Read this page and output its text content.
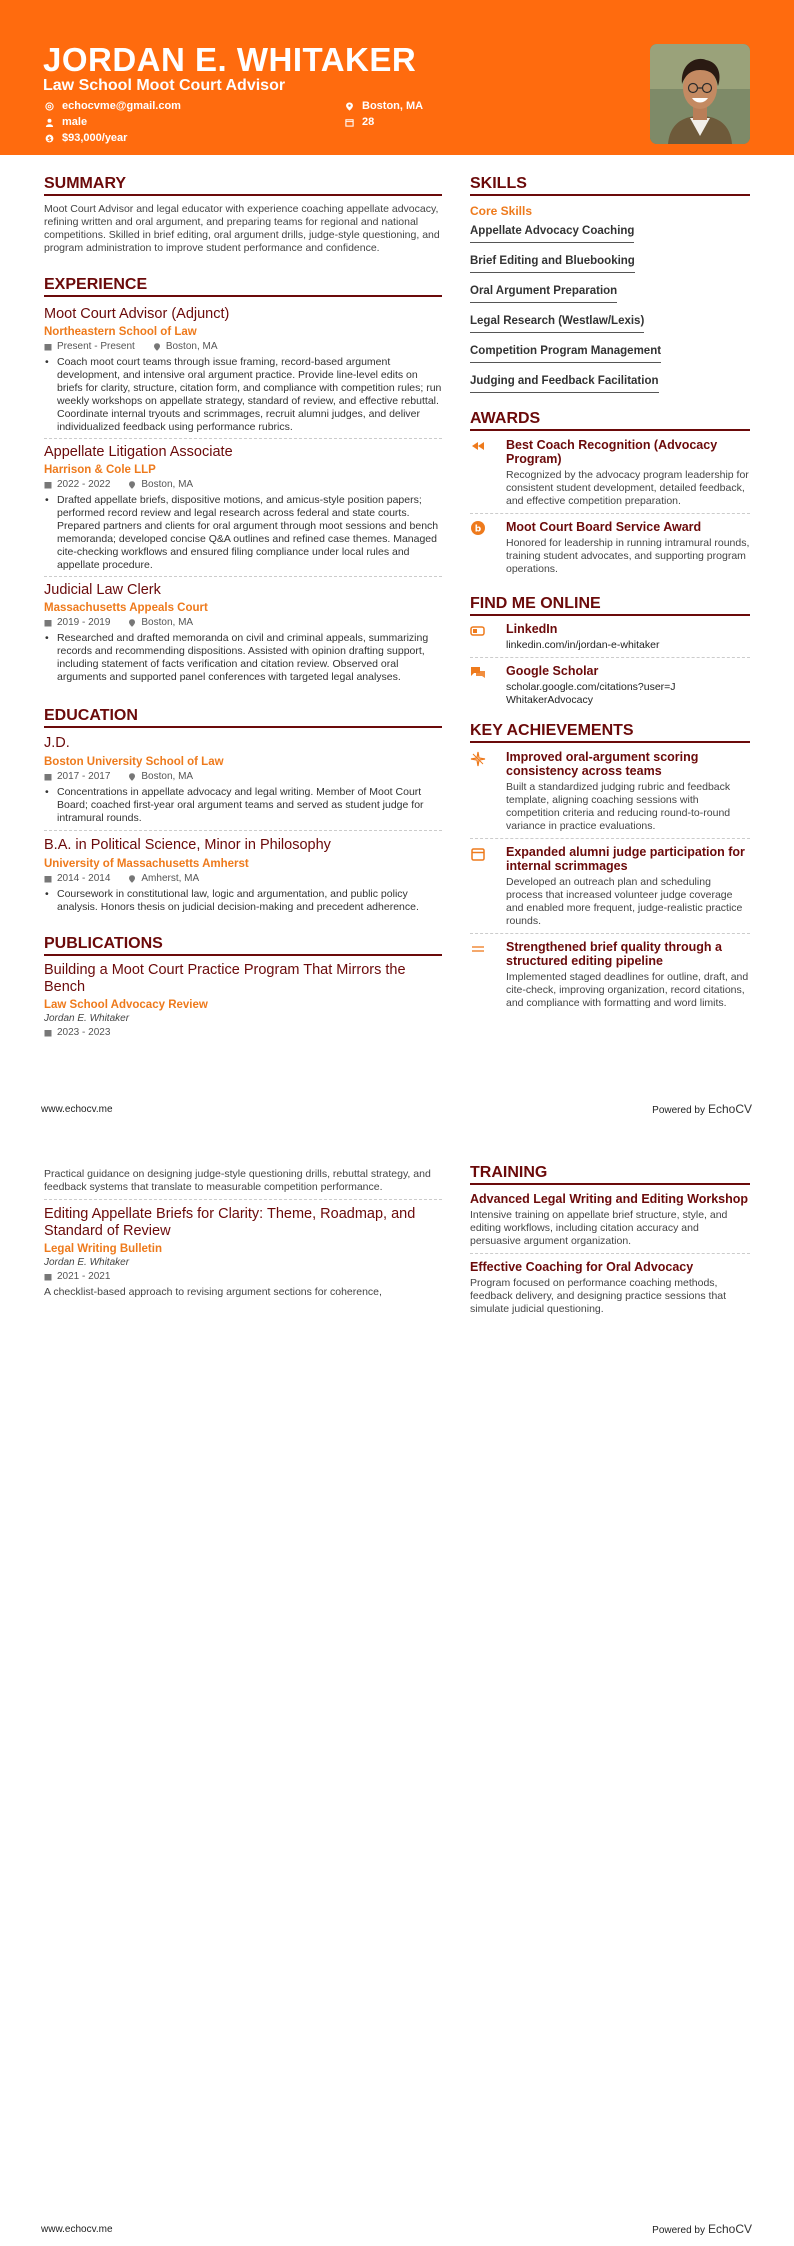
JORDAN E. WHITAKER
Law School Moot Court Advisor
echocvme@gmail.com
male
$ $93,000/year
Boston, MA
28
SUMMARY
Moot Court Advisor and legal educator with experience coaching appellate advocacy, refining written and oral argument, and preparing teams for regional and national competitions. Skilled in brief editing, oral argument drills, judge-style questioning, and program administration to improve student performance and confidence.
EXPERIENCE
Moot Court Advisor (Adjunct)
Northeastern School of Law
Present - Present	Boston, MA
• Coach moot court teams through issue framing, record-based argument development, and intensive oral argument practice. Provide line-level edits on briefs for clarity, structure, citation form, and compliance with competition rules; run weekly workshops on appellate strategy, standard of review, and effective rebuttal. Coordinate internal tryouts and scrimmages, recruit alumni judges, and deliver individualized feedback using performance rubrics.
Appellate Litigation Associate
Harrison & Cole LLP
2022 - 2022	Boston, MA
• Drafted appellate briefs, dispositive motions, and amicus-style position papers; performed record review and legal research across federal and state courts. Prepared partners and clients for oral argument through moot sessions and bench memoranda; developed concise Q&A outlines and refined case themes. Managed cite-checking workflows and ensured filing compliance under local rules and appellate procedure.
Judicial Law Clerk
Massachusetts Appeals Court
2019 - 2019	Boston, MA
• Researched and drafted memoranda on civil and criminal appeals, summarizing records and recommending dispositions. Assisted with opinion drafting support, including statement of facts verification and citation review. Observed oral arguments and supported panel conferences with targeted legal analyses.
EDUCATION
J.D.
Boston University School of Law
2017 - 2017	Boston, MA
• Concentrations in appellate advocacy and legal writing. Member of Moot Court Board; coached first-year oral argument teams and served as student judge for intramural rounds.
B.A. in Political Science, Minor in Philosophy
University of Massachusetts Amherst
2014 - 2014	Amherst, MA
• Coursework in constitutional law, logic and argumentation, and public policy analysis. Honors thesis on judicial decision-making and precedent adherence.
PUBLICATIONS
Building a Moot Court Practice Program That Mirrors the Bench
Law School Advocacy Review
Jordan E. Whitaker
2023 - 2023
SKILLS
Core Skills
Appellate Advocacy Coaching
Brief Editing and Bluebooking
Oral Argument Preparation
Legal Research (Westlaw/Lexis)
Competition Program Management
Judging and Feedback Facilitation
AWARDS
Best Coach Recognition (Advocacy Program)
Recognized by the advocacy program leadership for consistent student development, detailed feedback, and effective competition preparation.
b Moot Court Board Service Award
Honored for leadership in running intramural rounds, training student advocates, and supporting program operations.
FIND ME ONLINE
LinkedIn
linkedin.com/in/jordan-e-whitaker
Google Scholar
scholar.google.com/citations?user=JWhitakerAdvocacy
KEY ACHIEVEMENTS
Improved oral-argument scoring consistency across teams
Built a standardized judging rubric and feedback template, aligning coaching sessions with competition criteria and reducing round-to-round variance in practice evaluations.
Expanded alumni judge participation for internal scrimmages
Developed an outreach plan and scheduling process that increased volunteer judge coverage and enabled more frequent, judge-realistic practice rounds.
Strengthened brief quality through a structured editing pipeline
Implemented staged deadlines for outline, draft, and cite-check, improving organization, record citations, and compliance with formatting and word limits.
www.echocv.me	Powered by EchoCV
Practical guidance on designing judge-style questioning drills, rebuttal strategy, and feedback systems that translate to measurable competition performance.
Editing Appellate Briefs for Clarity: Theme, Roadmap, and Standard of Review
Legal Writing Bulletin
Jordan E. Whitaker
2021 - 2021
A checklist-based approach to revising argument sections for coherence,
TRAINING
Advanced Legal Writing and Editing Workshop
Intensive training on appellate brief structure, style, and editing workflows, including citation accuracy and persuasive argument organization.
Effective Coaching for Oral Advocacy
Program focused on performance coaching methods, feedback delivery, and designing practice sessions that simulate judicial questioning.
www.echocv.me	Powered by EchoCV
